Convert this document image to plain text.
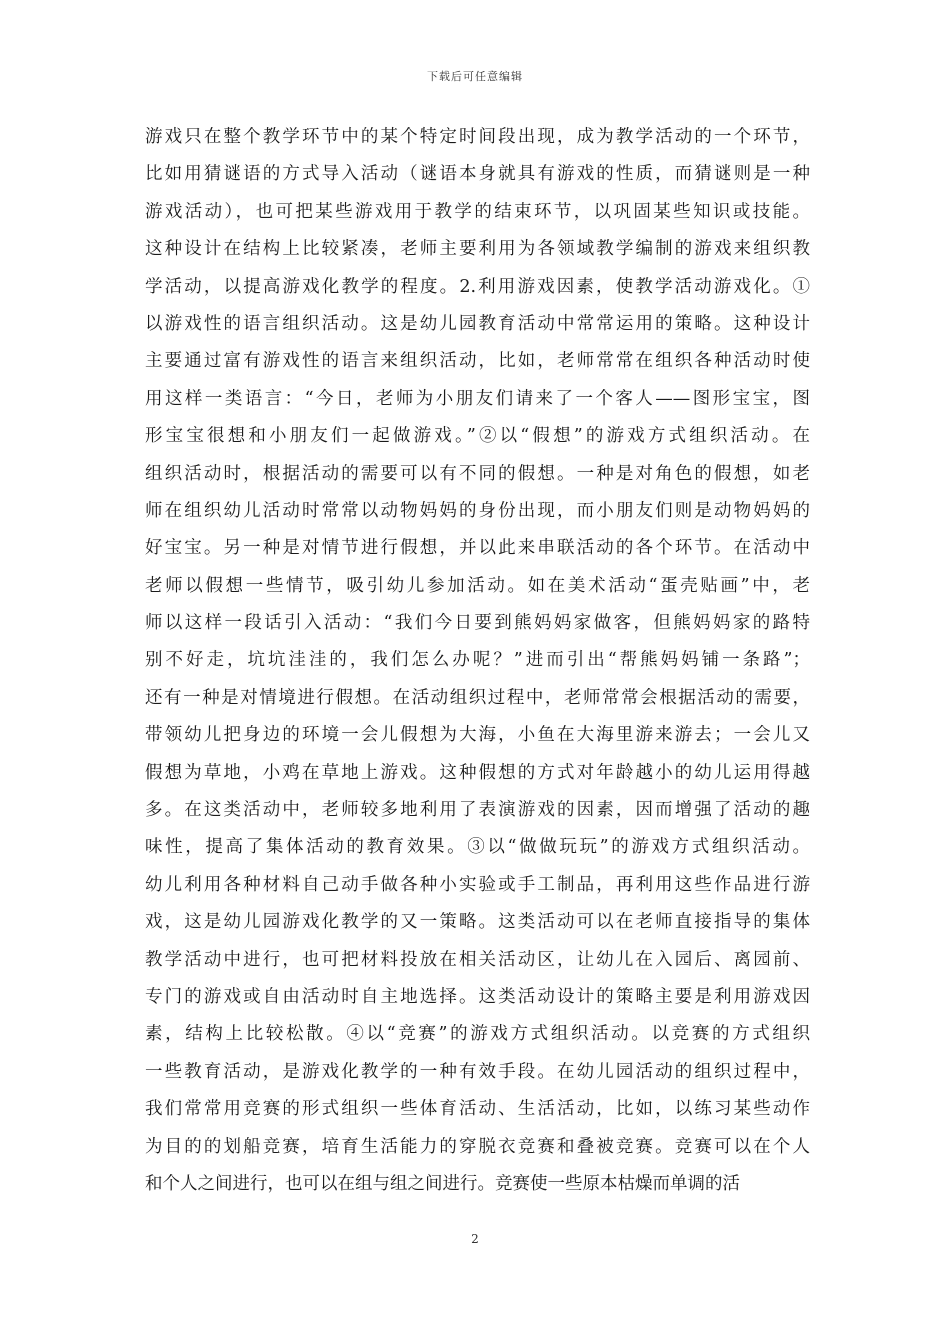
下载后可任意编辑
游戏只在整个教学环节中的某个特定时间段出现，成为教学活动的一个环节，
比如用猜谜语的方式导入活动（谜语本身就具有游戏的性质，而猜谜则是一种
游戏活动），也可把某些游戏用于教学的结束环节，以巩固某些知识或技能。
这种设计在结构上比较紧凑，老师主要利用为各领域教学编制的游戏来组织教
学活动，以提高游戏化教学的程度。2.利用游戏因素，使教学活动游戏化。①
以游戏性的语言组织活动。这是幼儿园教育活动中常常运用的策略。这种设计
主要通过富有游戏性的语言来组织活动，比如，老师常常在组织各种活动时使
用这样一类语言：“今日，老师为小朋友们请来了一个客人——图形宝宝，图
形宝宝很想和小朋友们一起做游戏。”②以“假想”的游戏方式组织活动。在
组织活动时，根据活动的需要可以有不同的假想。一种是对角色的假想，如老
师在组织幼儿活动时常常以动物妈妈的身份出现，而小朋友们则是动物妈妈的
好宝宝。另一种是对情节进行假想，并以此来串联活动的各个环节。在活动中
老师以假想一些情节，吸引幼儿参加活动。如在美术活动“蛋壳贴画”中，老
师以这样一段话引入活动：“我们今日要到熊妈妈家做客，但熊妈妈家的路特
别不好走，坑坑洼洼的，我们怎么办呢？”进而引出“帮熊妈妈铺一条路”；
还有一种是对情境进行假想。在活动组织过程中，老师常常会根据活动的需要，
带领幼儿把身边的环境一会儿假想为大海，小鱼在大海里游来游去；一会儿又
假想为草地，小鸡在草地上游戏。这种假想的方式对年龄越小的幼儿运用得越
多。在这类活动中，老师较多地利用了表演游戏的因素，因而增强了活动的趣
味性，提高了集体活动的教育效果。③以“做做玩玩”的游戏方式组织活动。
幼儿利用各种材料自己动手做各种小实验或手工制品，再利用这些作品进行游
戏，这是幼儿园游戏化教学的又一策略。这类活动可以在老师直接指导的集体
教学活动中进行，也可把材料投放在相关活动区，让幼儿在入园后、离园前、
专门的游戏或自由活动时自主地选择。这类活动设计的策略主要是利用游戏因
素，结构上比较松散。④以“竞赛”的游戏方式组织活动。以竞赛的方式组织
一些教育活动，是游戏化教学的一种有效手段。在幼儿园活动的组织过程中，
我们常常用竞赛的形式组织一些体育活动、生活活动，比如，以练习某些动作
为目的的划船竞赛，培育生活能力的穿脱衣竞赛和叠被竞赛。竞赛可以在个人
和个人之间进行，也可以在组与组之间进行。竞赛使一些原本枯燥而单调的活
2
